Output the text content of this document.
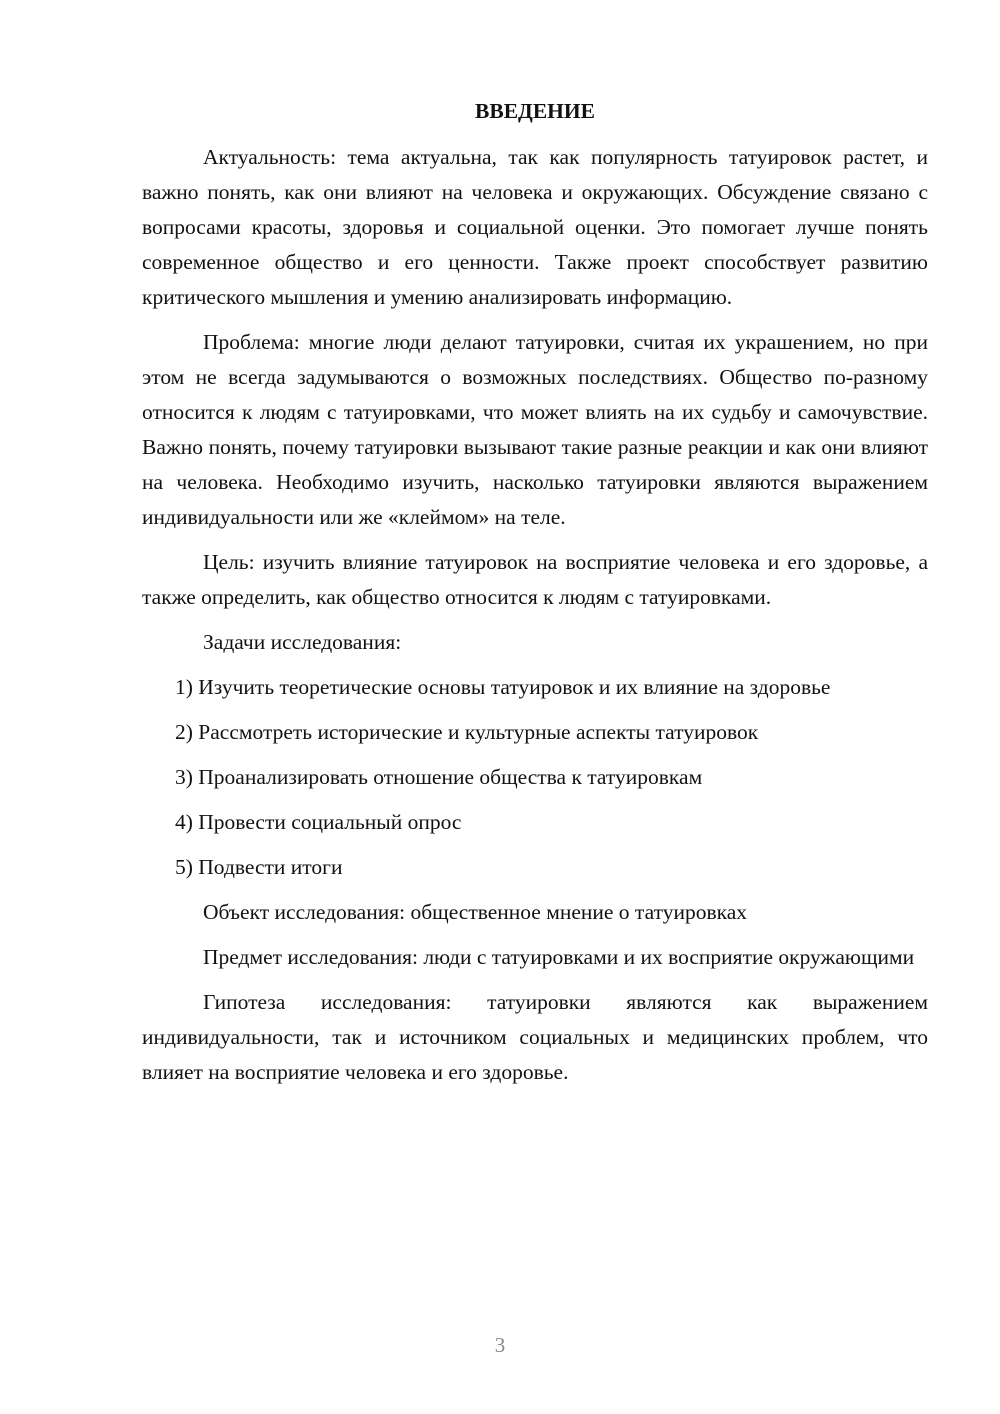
ВВЕДЕНИЕ

Актуальность: тема актуальна, так как популярность татуировок растет, и важно понять, как они влияют на человека и окружающих. Обсуждение связано с вопросами красоты, здоровья и социальной оценки. Это помогает лучше понять современное общество и его ценности. Также проект способствует развитию критического мышления и умению анализировать информацию.

Проблема: многие люди делают татуировки, считая их украшением, но при этом не всегда задумываются о возможных последствиях. Общество по-разному относится к людям с татуировками, что может влиять на их судьбу и самочувствие. Важно понять, почему татуировки вызывают такие разные реакции и как они влияют на человека. Необходимо изучить, насколько татуировки являются выражением индивидуальности или же «клеймом» на теле.

Цель: изучить влияние татуировок на восприятие человека и его здоровье, а также определить, как общество относится к людям с татуировками.

Задачи исследования:

1) Изучить теоретические основы татуировок и их влияние на здоровье

2) Рассмотреть исторические и культурные аспекты татуировок

3) Проанализировать отношение общества к татуировкам

4) Провести социальный опрос

5) Подвести итоги

Объект исследования: общественное мнение о татуировках

Предмет исследования: люди с татуировками и их восприятие окружающими

Гипотеза исследования: татуировки являются как выражением индивидуальности, так и источником социальных и медицинских проблем, что влияет на восприятие человека и его здоровье.

3
